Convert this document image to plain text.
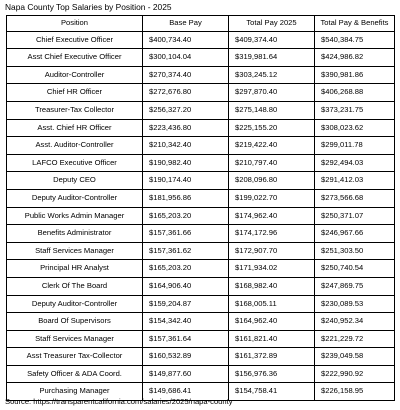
Napa County Top Salaries by Position - 2025
Position	Base Pay	Total Pay 2025	Total Pay & Benefits
Chief Executive Officer	$400,734.40	$409,374.40	$540,384.75
Asst Chief Executive Officer	$300,104.04	$319,981.64	$424,986.82
Auditor-Controller	$270,374.40	$303,245.12	$390,981.86
Chief HR Officer	$272,676.80	$297,870.40	$406,268.88
Treasurer-Tax Collector	$256,327.20	$275,148.80	$373,231.75
Asst. Chief HR Officer	$223,436.80	$225,155.20	$308,023.62
Asst. Auditor-Controller	$210,342.40	$219,422.40	$299,011.78
LAFCO Executive Officer	$190,982.40	$210,797.40	$292,494.03
Deputy CEO	$190,174.40	$208,096.80	$291,412.03
Deputy Auditor-Controller	$181,956.86	$199,022.70	$273,566.68
Public Works Admin Manager	$165,203.20	$174,962.40	$250,371.07
Benefits Administrator	$157,361.66	$174,172.96	$246,967.66
Staff Services Manager	$157,361.62	$172,907.70	$251,303.50
Principal HR Analyst	$165,203.20	$171,934.02	$250,740.54
Clerk Of The Board	$164,906.40	$168,982.40	$247,869.75
Deputy Auditor-Controller	$159,204.87	$168,005.11	$230,089.53
Board Of Supervisors	$154,342.40	$164,962.40	$240,952.34
Staff Services Manager	$157,361.64	$161,821.40	$221,229.72
Asst Treasurer Tax-Collector	$160,532.89	$161,372.89	$239,049.58
Safety Officer & ADA Coord.	$149,877.60	$156,976.36	$222,990.92
Purchasing Manager	$149,686.41	$154,758.41	$226,158.95
Source: https://transparentcalifornia.com/salaries/2025/napa-county
